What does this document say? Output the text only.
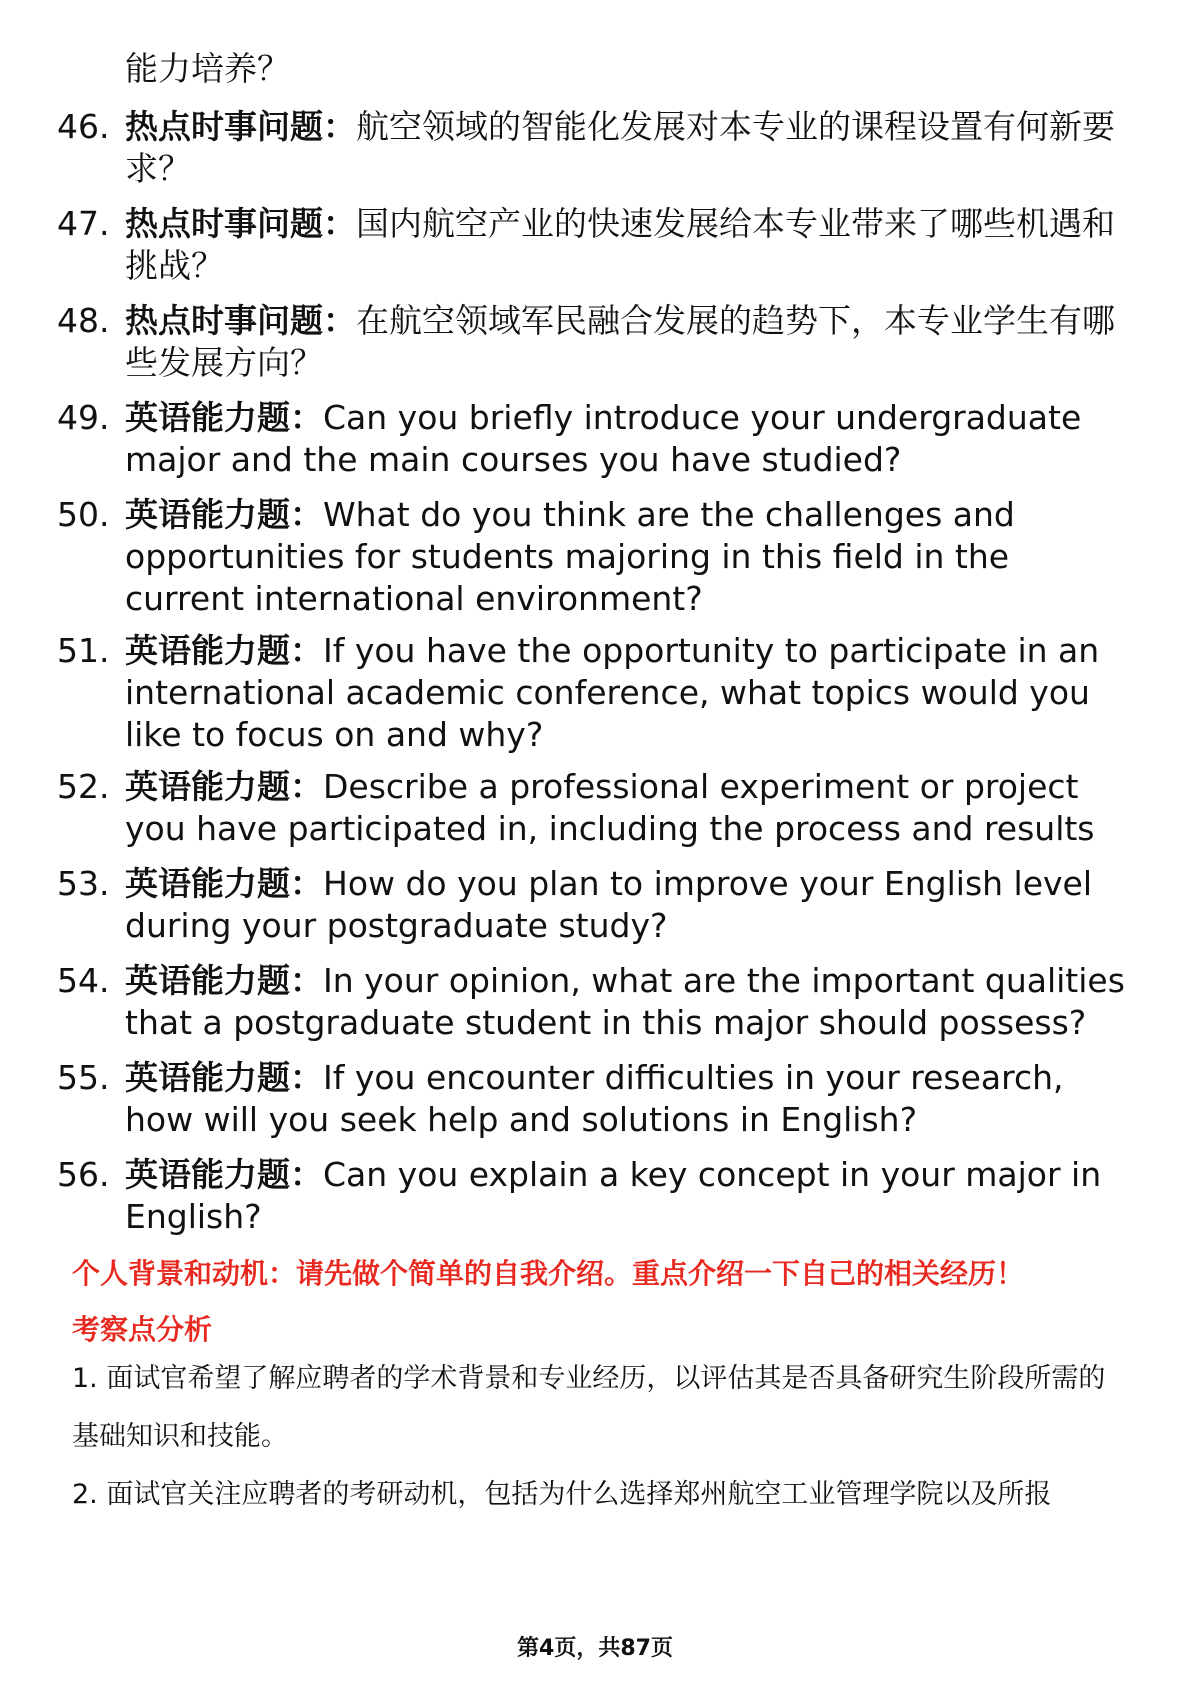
​
能力培养？
46. 热点时事问题：航空领域的智能化发展对本专业的课程设置有何新要求？
47. 热点时事问题：国内航空产业的快速发展给本专业带来了哪些机遇和挑战？
48. 热点时事问题：在航空领域军民融合发展的趋势下，本专业学生有哪些发展方向？
49. 英语能力题：Can you briefly introduce your undergraduate major and the main courses you have studied?
50. 英语能力题：What do you think are the challenges and opportunities for students majoring in this field in the current international environment?
51. 英语能力题：If you have the opportunity to participate in an international academic conference, what topics would you like to focus on and why?
52. 英语能力题：Describe a professional experiment or project you have participated in, including the process and results
53. 英语能力题：How do you plan to improve your English level during your postgraduate study?
54. 英语能力题：In your opinion, what are the important qualities that a postgraduate student in this major should possess?
55. 英语能力题：If you encounter difficulties in your research, how will you seek help and solutions in English?
56. 英语能力题：Can you explain a key concept in your major in English?
个人背景和动机：请先做个简单的自我介绍。重点介绍一下自己的相关经历！
考察点分析
1. 面试官希望了解应聘者的学术背景和专业经历，以评估其是否具备研究生阶段所需的基础知识和技能。
2. 面试官关注应聘者的考研动机，包括为什么选择郑州航空工业管理学院以及所报
第4页，共87页
